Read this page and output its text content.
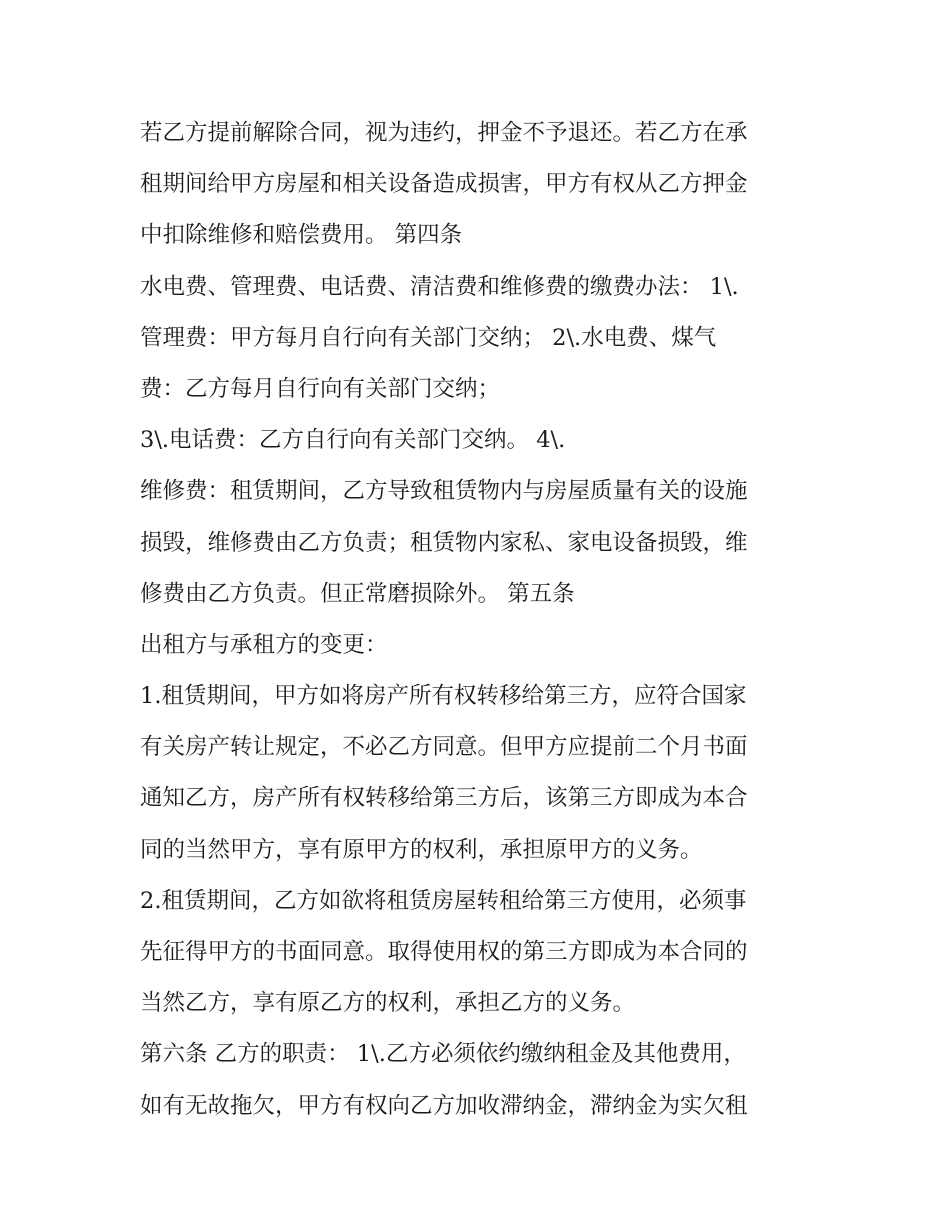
若乙方提前解除合同，视为违约，押金不予退还。若乙方在承
租期间给甲方房屋和相关设备造成损害，甲方有权从乙方押金
中扣除维修和赔偿费用。 第四条
水电费、管理费、电话费、清洁费和维修费的缴费办法： 1\.
管理费：甲方每月自行向有关部门交纳； 2\.水电费、煤气
费：乙方每月自行向有关部门交纳；
3\.电话费：乙方自行向有关部门交纳。 4\.
维修费：租赁期间，乙方导致租赁物内与房屋质量有关的设施
损毁，维修费由乙方负责；租赁物内家私、家电设备损毁，维
修费由乙方负责。但正常磨损除外。 第五条
出租方与承租方的变更：
1.租赁期间，甲方如将房产所有权转移给第三方，应符合国家
有关房产转让规定，不必乙方同意。但甲方应提前二个月书面
通知乙方，房产所有权转移给第三方后，该第三方即成为本合
同的当然甲方，享有原甲方的权利，承担原甲方的义务。
2.租赁期间，乙方如欲将租赁房屋转租给第三方使用，必须事
先征得甲方的书面同意。取得使用权的第三方即成为本合同的
当然乙方，享有原乙方的权利，承担乙方的义务。
第六条 乙方的职责： 1\.乙方必须依约缴纳租金及其他费用，
如有无故拖欠，甲方有权向乙方加收滞纳金，滞纳金为实欠租
